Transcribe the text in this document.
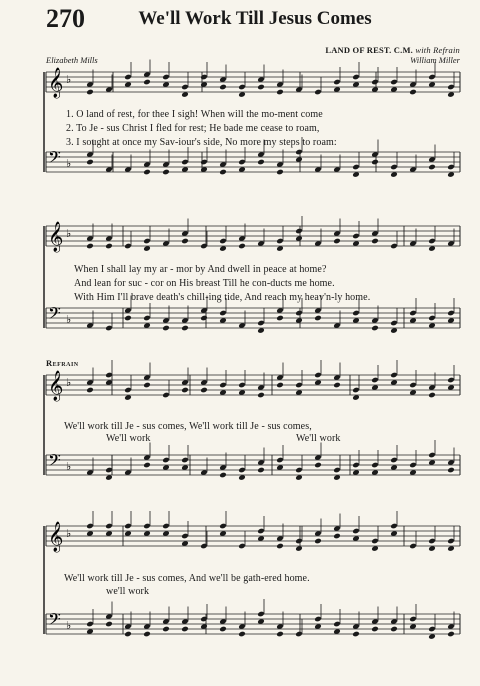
270	We'll Work Till Jesus Comes
LAND OF REST. C.M. with Refrain
Elizabeth Mills	William Miller
𝄞 ♭
𝄢 ♭
𝄞 ♭
𝄢 ♭
𝄞 ♭
𝄢 ♭
𝄞 ♭
𝄢 ♭
1. O land of rest, for thee I sigh! When will the mo-ment come
2. To Je - sus Christ I fled for rest; He bade me cease to roam,
3. I sought at once my Sav-iour's side, No more my steps to roam:
When I shall lay my ar - mor by And dwell in peace at home?
And lean for suc - cor on His breast Till he con-ducts me home.
With Him I'll brave death's chill-ing tide, And reach my heav'n-ly home.
Refrain
We'll work till Je - sus comes, We'll work till Je - sus comes,
We'll work	We'll work
We'll work till Je - sus comes, And we'll be gath-ered home.
we'll work
